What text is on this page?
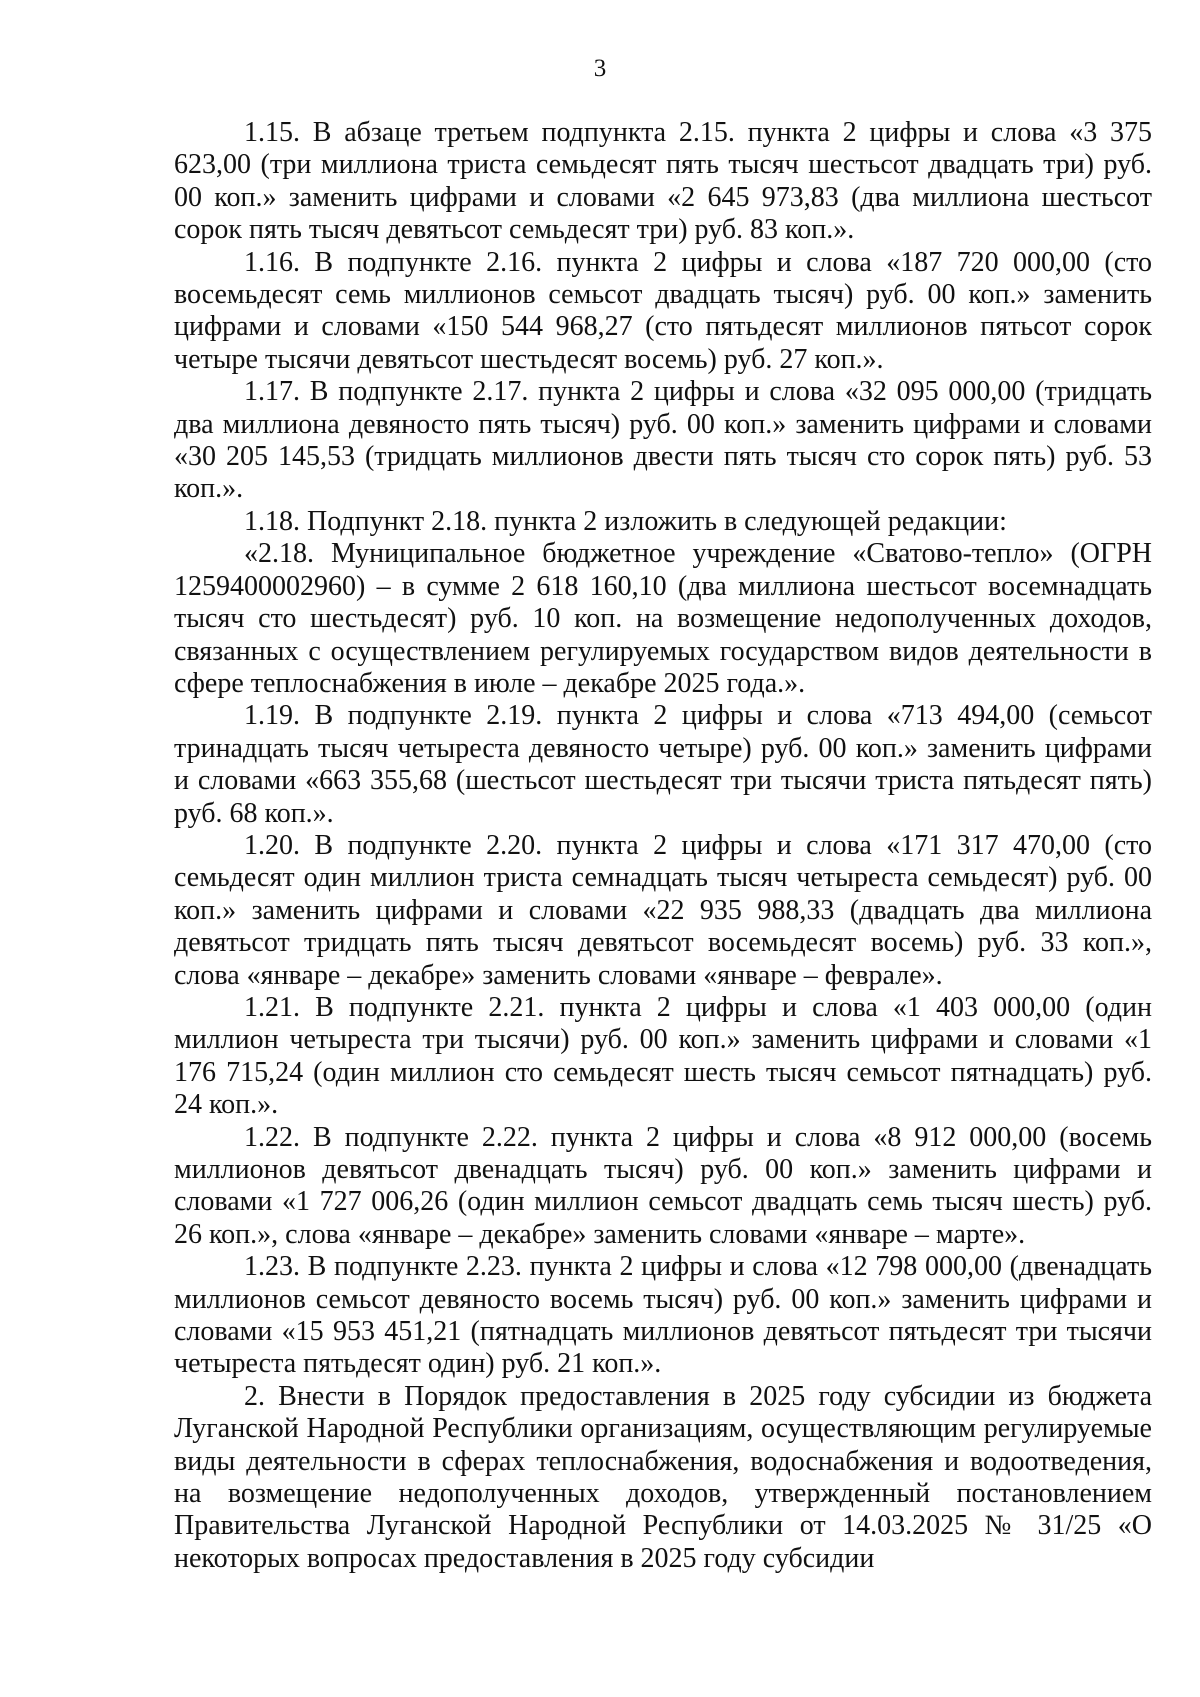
3

1.15. В абзаце третьем подпункта 2.15. пункта 2 цифры и слова «3 375 623,00 (три миллиона триста семьдесят пять тысяч шестьсот двадцать три) руб. 00 коп.» заменить цифрами и словами «2 645 973,83 (два миллиона шестьсот сорок пять тысяч девятьсот семьдесят три) руб. 83 коп.».

1.16. В подпункте 2.16. пункта 2 цифры и слова «187 720 000,00 (сто восемьдесят семь миллионов семьсот двадцать тысяч) руб. 00 коп.» заменить цифрами и словами «150 544 968,27 (сто пятьдесят миллионов пятьсот сорок четыре тысячи девятьсот шестьдесят восемь) руб. 27 коп.».

1.17. В подпункте 2.17. пункта 2 цифры и слова «32 095 000,00 (тридцать два миллиона девяносто пять тысяч) руб. 00 коп.» заменить цифрами и словами «30 205 145,53 (тридцать миллионов двести пять тысяч сто сорок пять) руб. 53 коп.».

1.18. Подпункт 2.18. пункта 2 изложить в следующей редакции:

«2.18. Муниципальное бюджетное учреждение «Сватово-тепло» (ОГРН 1259400002960) – в сумме 2 618 160,10 (два миллиона шестьсот восемнадцать тысяч сто шестьдесят) руб. 10 коп. на возмещение недополученных доходов, связанных с осуществлением регулируемых государством видов деятельности в сфере теплоснабжения в июле – декабре 2025 года.».

1.19. В подпункте 2.19. пункта 2 цифры и слова «713 494,00 (семьсот тринадцать тысяч четыреста девяносто четыре) руб. 00 коп.» заменить цифрами и словами «663 355,68 (шестьсот шестьдесят три тысячи триста пятьдесят пять) руб. 68 коп.».

1.20. В подпункте 2.20. пункта 2 цифры и слова «171 317 470,00 (сто семьдесят один миллион триста семнадцать тысяч четыреста семьдесят) руб. 00 коп.» заменить цифрами и словами «22 935 988,33 (двадцать два миллиона девятьсот тридцать пять тысяч девятьсот восемьдесят восемь) руб. 33 коп.», слова «январе – декабре» заменить словами «январе – феврале».

1.21. В подпункте 2.21. пункта 2 цифры и слова «1 403 000,00 (один миллион четыреста три тысячи) руб. 00 коп.» заменить цифрами и словами «1 176 715,24 (один миллион сто семьдесят шесть тысяч семьсот пятнадцать) руб. 24 коп.».

1.22. В подпункте 2.22. пункта 2 цифры и слова «8 912 000,00 (восемь миллионов девятьсот двенадцать тысяч) руб. 00 коп.» заменить цифрами и словами «1 727 006,26 (один миллион семьсот двадцать семь тысяч шесть) руб. 26 коп.», слова «январе – декабре» заменить словами «январе – марте».

1.23. В подпункте 2.23. пункта 2 цифры и слова «12 798 000,00 (двенадцать миллионов семьсот девяносто восемь тысяч) руб. 00 коп.» заменить цифрами и словами «15 953 451,21 (пятнадцать миллионов девятьсот пятьдесят три тысячи четыреста пятьдесят один) руб. 21 коп.».

2. Внести в Порядок предоставления в 2025 году субсидии из бюджета Луганской Народной Республики организациям, осуществляющим регулируемые виды деятельности в сферах теплоснабжения, водоснабжения и водоотведения, на возмещение недополученных доходов, утвержденный постановлением Правительства Луганской Народной Республики от 14.03.2025 № 31/25 «О некоторых вопросах предоставления в 2025 году субсидии
